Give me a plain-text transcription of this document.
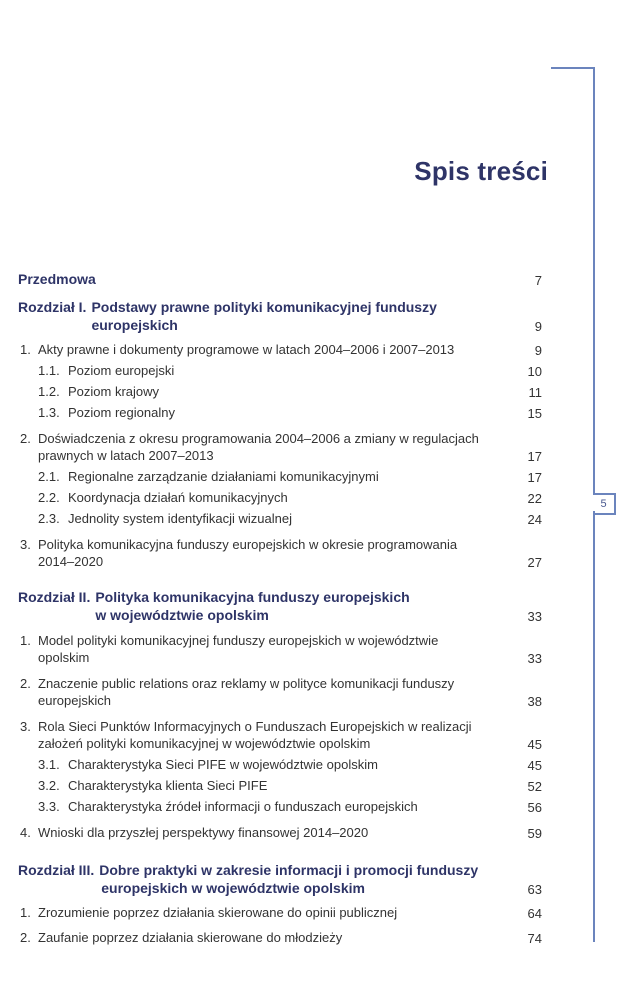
5
Spis treści
Przedmowa	7
Rozdział I. Podstawy prawne polityki komunikacyjnej funduszy
europejskich	9
1. Akty prawne i dokumenty programowe w latach 2004–2006 i 2007–2013	9
1.1. Poziom europejski	10
1.2. Poziom krajowy	11
1.3. Poziom regionalny	15
2. Doświadczenia z okresu programowania 2004–2006 a zmiany w regulacjach
prawnych w latach 2007–2013	17
2.1. Regionalne zarządzanie działaniami komunikacyjnymi	17
2.2. Koordynacja działań komunikacyjnych	22
2.3. Jednolity system identyfikacji wizualnej	24
3. Polityka komunikacyjna funduszy europejskich w okresie programowania
2014–2020	27
Rozdział II. Polityka komunikacyjna funduszy europejskich
w województwie opolskim	33
1. Model polityki komunikacyjnej funduszy europejskich w województwie
opolskim	33
2. Znaczenie public relations oraz reklamy w polityce komunikacji funduszy
europejskich	38
3. Rola Sieci Punktów Informacyjnych o Funduszach Europejskich w realizacji
założeń polityki komunikacyjnej w województwie opolskim	45
3.1. Charakterystyka Sieci PIFE w województwie opolskim	45
3.2. Charakterystyka klienta Sieci PIFE	52
3.3. Charakterystyka źródeł informacji o funduszach europejskich	56
4. Wnioski dla przyszłej perspektywy finansowej 2014–2020	59
Rozdział III. Dobre praktyki w zakresie informacji i promocji funduszy
europejskich w województwie opolskim	63
1. Zrozumienie poprzez działania skierowane do opinii publicznej	64
2. Zaufanie poprzez działania skierowane do młodzieży	74
